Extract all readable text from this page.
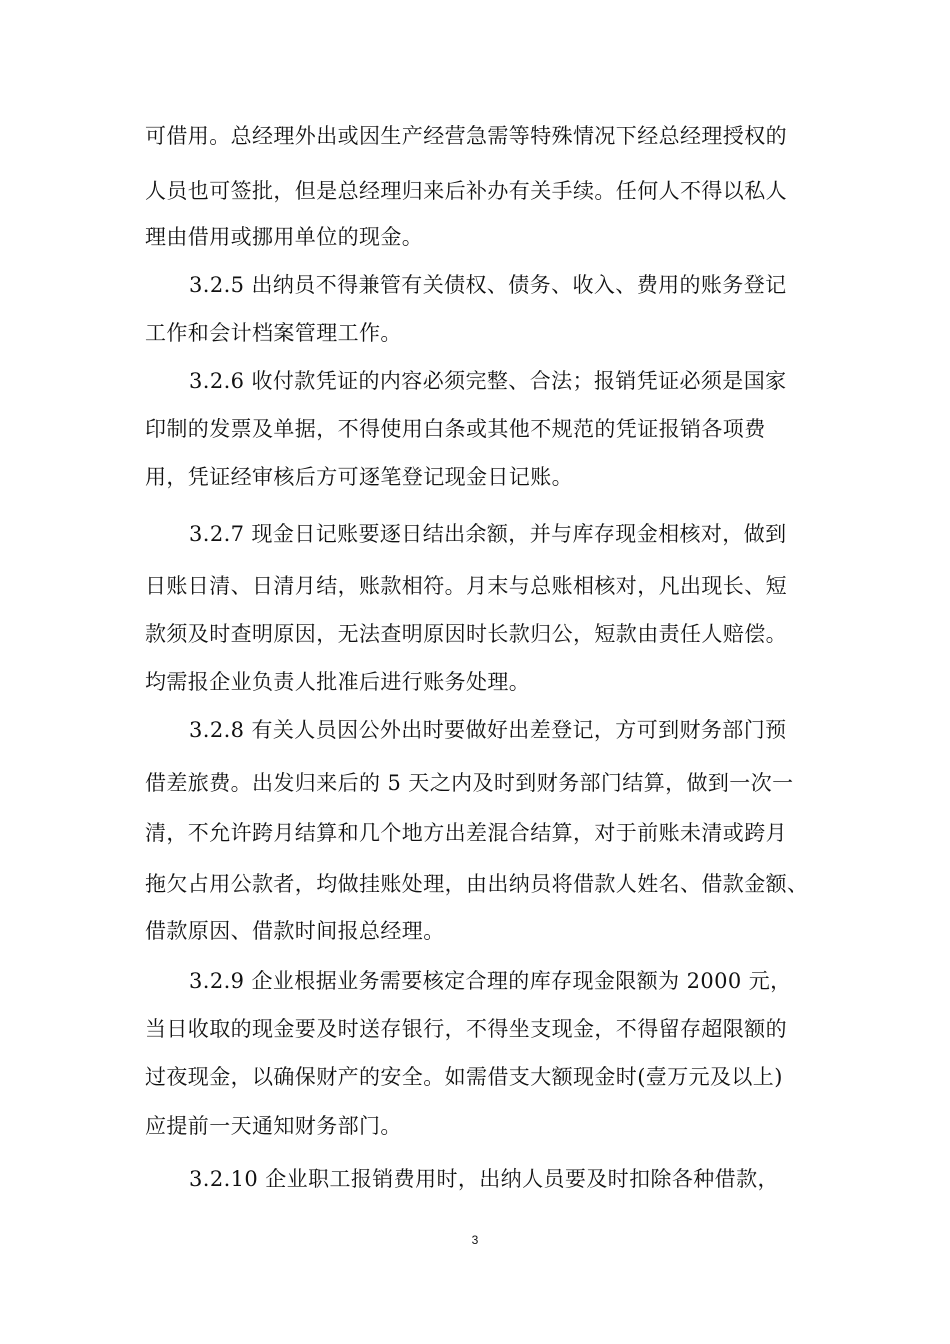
可借用。总经理外出或因生产经营急需等特殊情况下经总经理授权的
人员也可签批，但是总经理归来后补办有关手续。任何人不得以私人
理由借用或挪用单位的现金。
3.2.5 出纳员不得兼管有关债权、债务、收入、费用的账务登记
工作和会计档案管理工作。
3.2.6 收付款凭证的内容必须完整、合法；报销凭证必须是国家
印制的发票及单据，不得使用白条或其他不规范的凭证报销各项费
用，凭证经审核后方可逐笔登记现金日记账。
3.2.7 现金日记账要逐日结出余额，并与库存现金相核对，做到
日账日清、日清月结，账款相符。月末与总账相核对，凡出现长、短
款须及时查明原因，无法查明原因时长款归公，短款由责任人赔偿。
均需报企业负责人批准后进行账务处理。
3.2.8 有关人员因公外出时要做好出差登记，方可到财务部门预
借差旅费。出发归来后的 5 天之内及时到财务部门结算，做到一次一
清，不允许跨月结算和几个地方出差混合结算，对于前账未清或跨月
拖欠占用公款者，均做挂账处理，由出纳员将借款人姓名、借款金额、
借款原因、借款时间报总经理。
3.2.9 企业根据业务需要核定合理的库存现金限额为 2000 元，
当日收取的现金要及时送存银行，不得坐支现金，不得留存超限额的
过夜现金，以确保财产的安全。如需借支大额现金时(壹万元及以上)
应提前一天通知财务部门。
3.2.10 企业职工报销费用时，出纳人员要及时扣除各种借款，
3
